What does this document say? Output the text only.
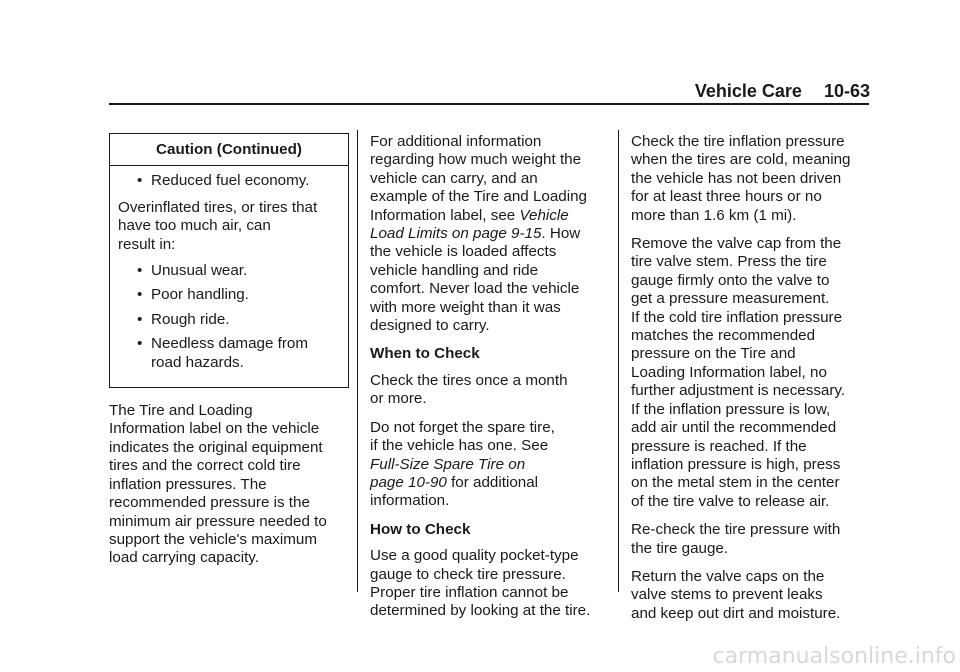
Vehicle Care 10-63
Caution (Continued)
• Reduced fuel economy.

Overinflated tires, or tires that
have too much air, can
result in:

• Unusual wear.
• Poor handling.
• Rough ride.
• Needless damage from
road hazards.

The Tire and Loading
Information label on the vehicle
indicates the original equipment
tires and the correct cold tire
inflation pressures. The
recommended pressure is the
minimum air pressure needed to
support the vehicle's maximum
load carrying capacity.

For additional information
regarding how much weight the
vehicle can carry, and an
example of the Tire and Loading
Information label, see Vehicle
Load Limits on page 9-15. How
the vehicle is loaded affects
vehicle handling and ride
comfort. Never load the vehicle
with more weight than it was
designed to carry.

When to Check

Check the tires once a month
or more.

Do not forget the spare tire,
if the vehicle has one. See
Full-Size Spare Tire on
page 10-90 for additional
information.

How to Check

Use a good quality pocket-type
gauge to check tire pressure.
Proper tire inflation cannot be
determined by looking at the tire.

Check the tire inflation pressure
when the tires are cold, meaning
the vehicle has not been driven
for at least three hours or no
more than 1.6 km (1 mi).

Remove the valve cap from the
tire valve stem. Press the tire
gauge firmly onto the valve to
get a pressure measurement.
If the cold tire inflation pressure
matches the recommended
pressure on the Tire and
Loading Information label, no
further adjustment is necessary.
If the inflation pressure is low,
add air until the recommended
pressure is reached. If the
inflation pressure is high, press
on the metal stem in the center
of the tire valve to release air.

Re-check the tire pressure with
the tire gauge.

Return the valve caps on the
valve stems to prevent leaks
and keep out dirt and moisture.

carmanualsonline.info
